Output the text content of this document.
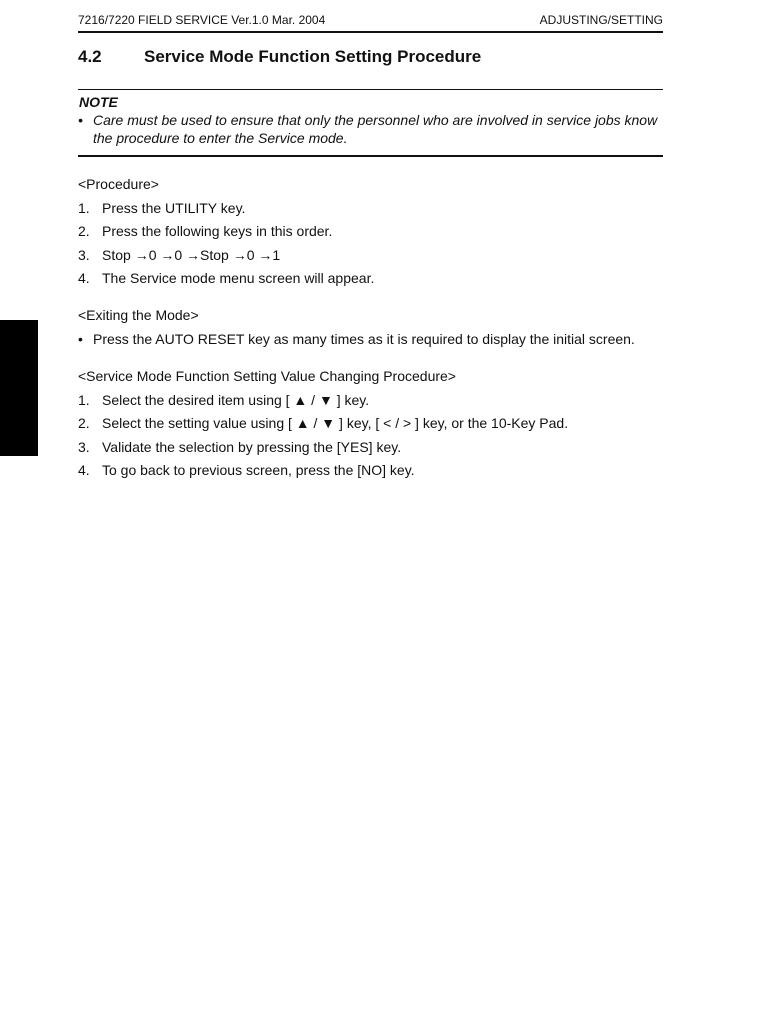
7216/7220 FIELD SERVICE Ver.1.0 Mar. 2004	ADJUSTING/SETTING
4.2 Service Mode Function Setting Procedure
NOTE
• Care must be used to ensure that only the personnel who are involved in service jobs know the procedure to enter the Service mode.
<Procedure>
1. Press the UTILITY key.
2. Press the following keys in this order.
3. Stop →0 →0 →Stop →0 →1
4. The Service mode menu screen will appear.
<Exiting the Mode>
• Press the AUTO RESET key as many times as it is required to display the initial screen.
<Service Mode Function Setting Value Changing Procedure>
1. Select the desired item using [ ▲ / ▼ ] key.
2. Select the setting value using [ ▲ / ▼ ] key, [ < / > ] key, or the 10-Key Pad.
3. Validate the selection by pressing the [YES] key.
4. To go back to previous screen, press the [NO] key.
